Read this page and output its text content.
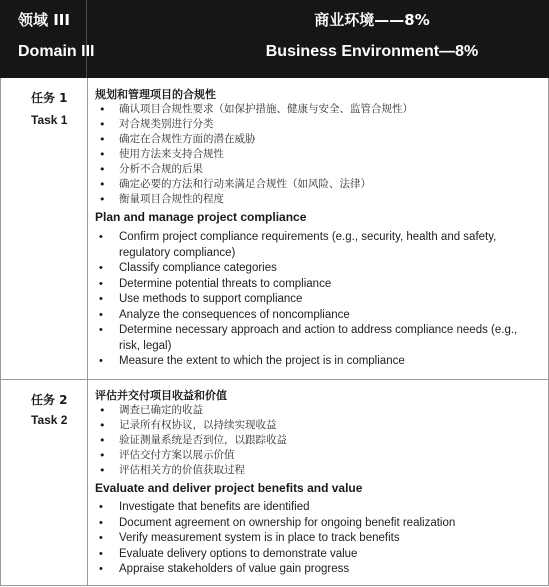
领域 III	商业环境——8%
Domain III	Business Environment—8%
任务 1
Task 1
规划和管理项目的合规性
• 确认项目合规性要求（如保护措施、健康与安全、监管合规性）
• 对合规类别进行分类
• 确定在合规性方面的潜在威胁
• 使用方法来支持合规性
• 分析不合规的后果
• 确定必要的方法和行动来满足合规性（如风险、法律）
• 衡量项目合规性的程度
Plan and manage project compliance
• Confirm project compliance requirements (e.g., security, health and safety, regulatory compliance)
• Classify compliance categories
• Determine potential threats to compliance
• Use methods to support compliance
• Analyze the consequences of noncompliance
• Determine necessary approach and action to address compliance needs (e.g., risk, legal)
• Measure the extent to which the project is in compliance
任务 2
Task 2
评估并交付项目收益和价值
• 调查已确定的收益
• 记录所有权协议，以持续实现收益
• 验证测量系统是否到位，以跟踪收益
• 评估交付方案以展示价值
• 评估相关方的价值获取过程
Evaluate and deliver project benefits and value
• Investigate that benefits are identified
• Document agreement on ownership for ongoing benefit realization
• Verify measurement system is in place to track benefits
• Evaluate delivery options to demonstrate value
• Appraise stakeholders of value gain progress
